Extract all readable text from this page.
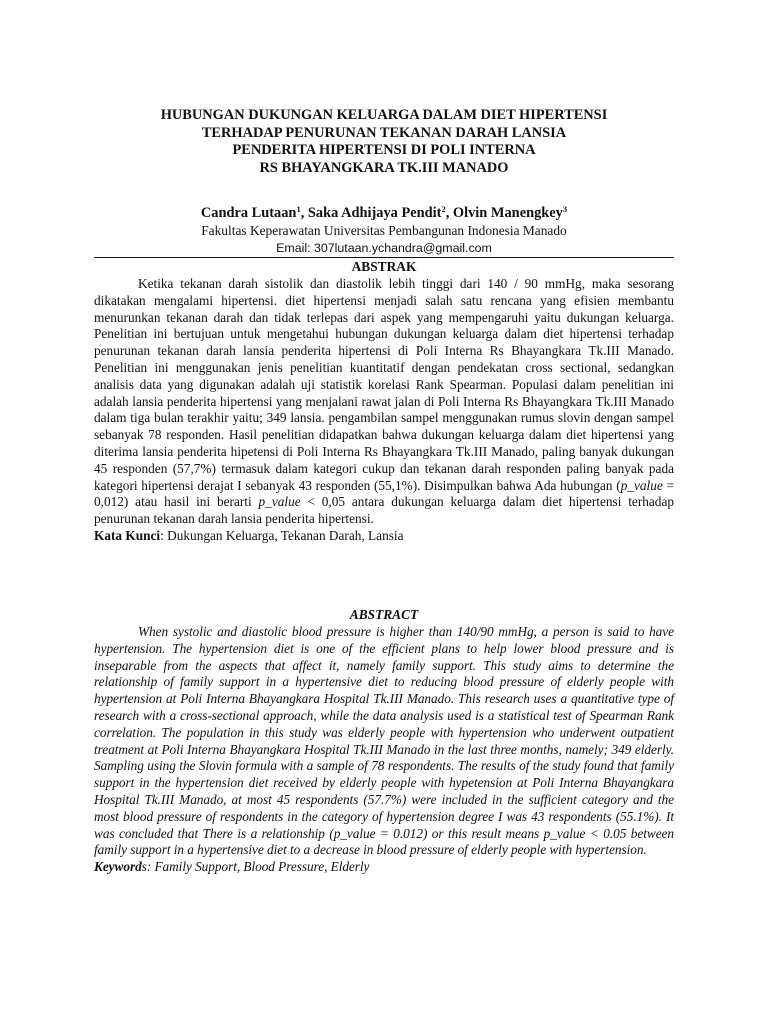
HUBUNGAN DUKUNGAN KELUARGA DALAM DIET HIPERTENSI
TERHADAP PENURUNAN TEKANAN DARAH LANSIA
PENDERITA HIPERTENSI DI POLI INTERNA
RS BHAYANGKARA TK.III MANADO
Candra Lutaan$^1$, Saka Adhijaya Pendit$^2$, Olvin Manengkey$^3$
Fakultas Keperawatan Universitas Pembangunan Indonesia Manado
Email: 307lutaan.ychandra@gmail.com
ABSTRAK

Ketika tekanan darah sistolik dan diastolik lebih tinggi dari 140 / 90 mmHg, maka sesorang dikatakan mengalami hipertensi. diet hipertensi menjadi salah satu rencana yang efisien membantu menurunkan tekanan darah dan tidak terlepas dari aspek yang mempengaruhi yaitu dukungan keluarga. Penelitian ini bertujuan untuk mengetahui hubungan dukungan keluarga dalam diet hipertensi terhadap penurunan tekanan darah lansia penderita hipertensi di Poli Interna Rs Bhayangkara Tk.III Manado. Penelitian ini menggunakan jenis penelitian kuantitatif dengan pendekatan cross sectional, sedangkan analisis data yang digunakan adalah uji statistik korelasi Rank Spearman. Populasi dalam penelitian ini adalah lansia penderita hipertensi yang menjalani rawat jalan di Poli Interna Rs Bhayangkara Tk.III Manado dalam tiga bulan terakhir yaitu; 349 lansia. pengambilan sampel menggunakan rumus slovin dengan sampel sebanyak 78 responden. Hasil penelitian didapatkan bahwa dukungan keluarga dalam diet hipertensi yang diterima lansia penderita hipetensi di Poli Interna Rs Bhayangkara Tk.III Manado, paling banyak dukungan 45 responden (57,7%) termasuk dalam kategori cukup dan tekanan darah responden paling banyak pada kategori hipertensi derajat I sebanyak 43 responden (55,1%). Disimpulkan bahwa Ada hubungan (p_value = 0,012) atau hasil ini berarti p_value < 0,05 antara dukungan keluarga dalam diet hipertensi terhadap penurunan tekanan darah lansia penderita hipertensi.

Kata Kunci: Dukungan Keluarga, Tekanan Darah, Lansia
ABSTRACT

When systolic and diastolic blood pressure is higher than 140/90 mmHg, a person is said to have hypertension. The hypertension diet is one of the efficient plans to help lower blood pressure and is inseparable from the aspects that affect it, namely family support. This study aims to determine the relationship of family support in a hypertensive diet to reducing blood pressure of elderly people with hypertension at Poli Interna Bhayangkara Hospital Tk.III Manado. This research uses a quantitative type of research with a cross-sectional approach, while the data analysis used is a statistical test of Spearman Rank correlation. The population in this study was elderly people with hypertension who underwent outpatient treatment at Poli Interna Bhayangkara Hospital Tk.III Manado in the last three months, namely; 349 elderly. Sampling using the Slovin formula with a sample of 78 respondents. The results of the study found that family support in the hypertension diet received by elderly people with hypetension at Poli Interna Bhayangkara Hospital Tk.III Manado, at most 45 respondents (57.7%) were included in the sufficient category and the most blood pressure of respondents in the category of hypertension degree I was 43 respondents (55.1%). It was concluded that There is a relationship (p_value = 0.012) or this result means p_value < 0.05 between family support in a hypertensive diet to a decrease in blood pressure of elderly people with hypertension.

Keywords: Family Support, Blood Pressure, Elderly
